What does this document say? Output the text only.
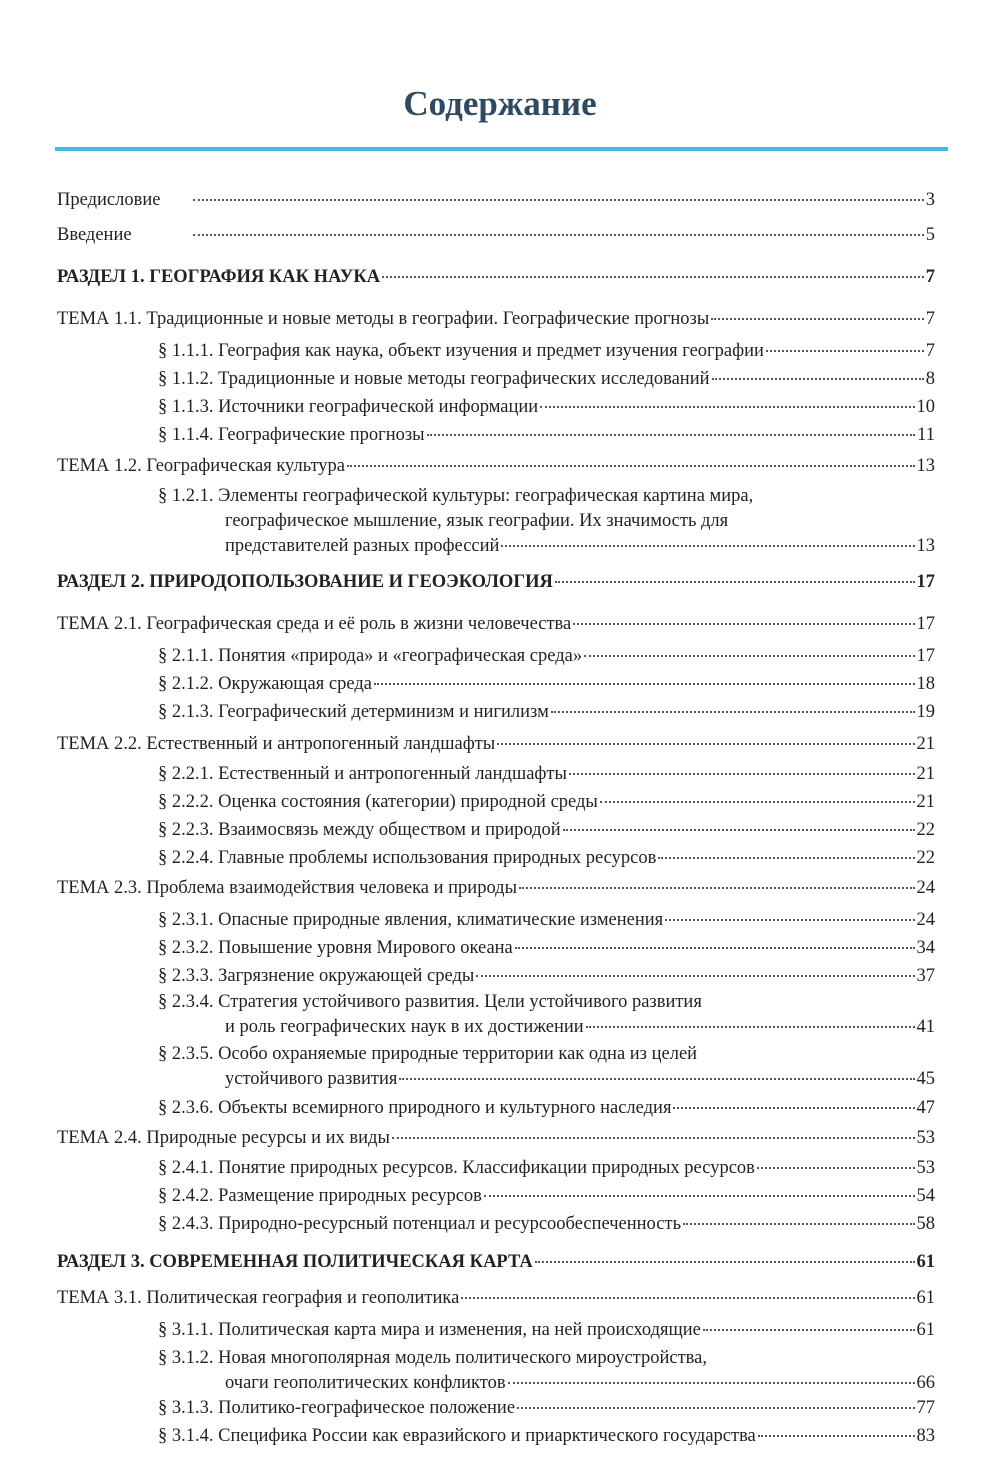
Содержание
Предисловие	3
Введение	5
РАЗДЕЛ 1. ГЕОГРАФИЯ КАК НАУКА	7
ТЕМА 1.1. Традиционные и новые методы в географии. Географические прогнозы	7
§ 1.1.1. География как наука, объект изучения и предмет изучения географии	7
§ 1.1.2. Традиционные и новые методы географических исследований	8
§ 1.1.3. Источники географической информации	10
§ 1.1.4. Географические прогнозы	11
ТЕМА 1.2. Географическая культура	13
§ 1.2.1. Элементы географической культуры: географическая картина мира,
географическое мышление, язык географии. Их значимость для
представителей разных профессий	13
РАЗДЕЛ 2. ПРИРОДОПОЛЬЗОВАНИЕ И ГЕОЭКОЛОГИЯ	17
ТЕМА 2.1. Географическая среда и её роль в жизни человечества	17
§ 2.1.1. Понятия «природа» и «географическая среда»	17
§ 2.1.2. Окружающая среда	18
§ 2.1.3. Географический детерминизм и нигилизм	19
ТЕМА 2.2. Естественный и антропогенный ландшафты	21
§ 2.2.1. Естественный и антропогенный ландшафты	21
§ 2.2.2. Оценка состояния (категории) природной среды	21
§ 2.2.3. Взаимосвязь между обществом и природой	22
§ 2.2.4. Главные проблемы использования природных ресурсов	22
ТЕМА 2.3. Проблема взаимодействия человека и природы	24
§ 2.3.1. Опасные природные явления, климатические изменения	24
§ 2.3.2. Повышение уровня Мирового океана	34
§ 2.3.3. Загрязнение окружающей среды	37
§ 2.3.4. Стратегия устойчивого развития. Цели устойчивого развития
и роль географических наук в их достижении	41
§ 2.3.5. Особо охраняемые природные территории как одна из целей
устойчивого развития	45
§ 2.3.6. Объекты всемирного природного и культурного наследия	47
ТЕМА 2.4. Природные ресурсы и их виды	53
§ 2.4.1. Понятие природных ресурсов. Классификации природных ресурсов	53
§ 2.4.2. Размещение природных ресурсов	54
§ 2.4.3. Природно-ресурсный потенциал и ресурсообеспеченность	58
РАЗДЕЛ 3. СОВРЕМЕННАЯ ПОЛИТИЧЕСКАЯ КАРТА	61
ТЕМА 3.1. Политическая география и геополитика	61
§ 3.1.1. Политическая карта мира и изменения, на ней происходящие	61
§ 3.1.2. Новая многополярная модель политического мироустройства,
очаги геополитических конфликтов	66
§ 3.1.3. Политико-географическое положение	77
§ 3.1.4. Специфика России как евразийского и приарктического государства	83
